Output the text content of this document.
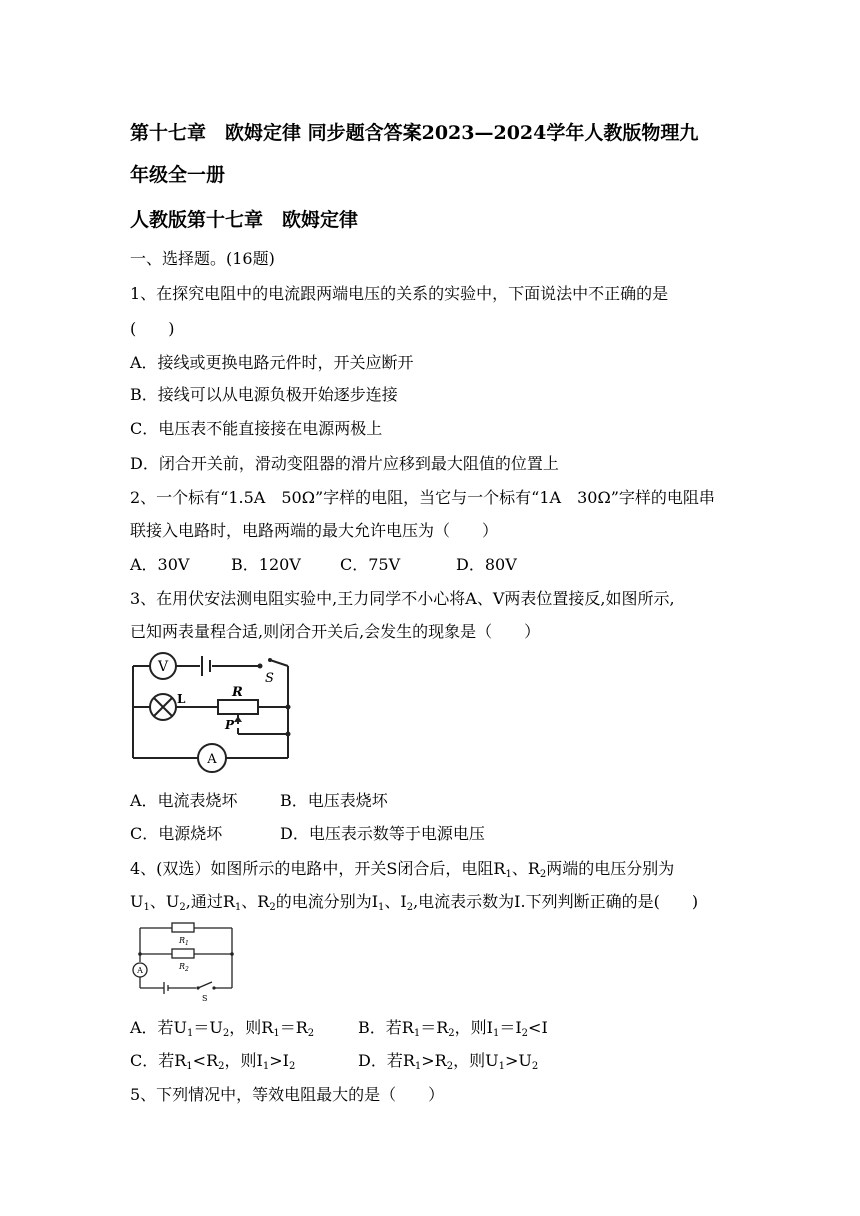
第十七章　欧姆定律 同步题含答案2023—2024学年人教版物理九
年级全一册
人教版第十七章　欧姆定律
一、选择题。(16题)
1、在探究电阻中的电流跟两端电压的关系的实验中，下面说法中不正确的是
(　　)
A．接线或更换电路元件时，开关应断开
B．接线可以从电源负极开始逐步连接
C．电压表不能直接接在电源两极上
D．闭合开关前，滑动变阻器的滑片应移到最大阻值的位置上
2、一个标有“1.5A　50Ω”字样的电阻，当它与一个标有“1A　30Ω”字样的电阻串
联接入电路时，电路两端的最大允许电压为（　　）
A．30V	B．120V C．75V	D．80V
3、在用伏安法测电阻实验中,王力同学不小心将A、V两表位置接反,如图所示,
已知两表量程合适,则闭合开关后,会发生的现象是（　　）
V
S
L	R
P
A
A．电流表烧坏	B．电压表烧坏
C．电源烧坏	D．电压表示数等于电源电压
4、(双选）如图所示的电路中，开关S闭合后，电阻$R_1$、$R_2$两端的电压分别为
$U_1$、$U_2$,通过$R_1$、$R_2$的电流分别为$I_1$、$I_2$,电流表示数为I.下列判断正确的是(　　)
$R_1$
$R_2$
A
S
A．若$U_1=U_2$，则$R_1=R_2$	B．若$R_1=R_2$，则$I_1=I_2<I$
C．若$R_1<R_2$，则$I_1>I_2$	D．若$R_1>R_2$，则$U_1>U_2$
5、下列情况中，等效电阻最大的是（　　）
